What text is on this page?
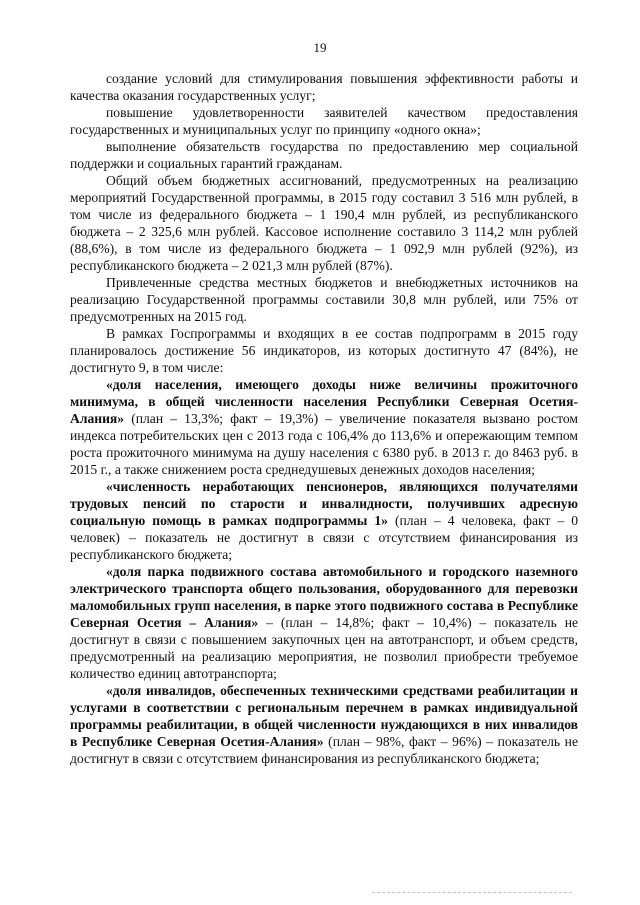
19

создание условий для стимулирования повышения эффективности работы и качества оказания государственных услуг;

повышение удовлетворенности заявителей качеством предоставления государственных и муниципальных услуг по принципу «одного окна»;

выполнение обязательств государства по предоставлению мер социальной поддержки и социальных гарантий гражданам.

Общий объем бюджетных ассигнований, предусмотренных на реализацию мероприятий Государственной программы, в 2015 году составил 3 516 млн рублей, в том числе из федерального бюджета – 1 190,4 млн рублей, из республиканского бюджета – 2 325,6 млн рублей. Кассовое исполнение составило 3 114,2 млн рублей (88,6%), в том числе из федерального бюджета – 1 092,9 млн рублей (92%), из республиканского бюджета – 2 021,3 млн рублей (87%).

Привлеченные средства местных бюджетов и внебюджетных источников на реализацию Государственной программы составили 30,8 млн рублей, или 75% от предусмотренных на 2015 год.

В рамках Госпрограммы и входящих в ее состав подпрограмм в 2015 году планировалось достижение 56 индикаторов, из которых достигнуто 47 (84%), не достигнуто 9, в том числе:

«доля населения, имеющего доходы ниже величины прожиточного минимума, в общей численности населения Республики Северная Осетия-Алания» (план – 13,3%; факт – 19,3%) – увеличение показателя вызвано ростом индекса потребительских цен с 2013 года с 106,4% до 113,6% и опережающим темпом роста прожиточного минимума на душу населения с 6380 руб. в 2013 г. до 8463 руб. в 2015 г., а также снижением роста среднедушевых денежных доходов населения;

«численность неработающих пенсионеров, являющихся получателями трудовых пенсий по старости и инвалидности, получивших адресную социальную помощь в рамках подпрограммы 1» (план – 4 человека, факт – 0 человек) – показатель не достигнут в связи с отсутствием финансирования из республиканского бюджета;

«доля парка подвижного состава автомобильного и городского наземного электрического транспорта общего пользования, оборудованного для перевозки маломобильных групп населения, в парке этого подвижного состава в Республике Северная Осетия – Алания» – (план – 14,8%; факт – 10,4%) – показатель не достигнут в связи с повышением закупочных цен на автотранспорт, и объем средств, предусмотренный на реализацию мероприятия, не позволил приобрести требуемое количество единиц автотранспорта;

«доля инвалидов, обеспеченных техническими средствами реабилитации и услугами в соответствии с региональным перечнем в рамках индивидуальной программы реабилитации, в общей численности нуждающихся в них инвалидов в Республике Северная Осетия-Алания» (план – 98%, факт – 96%) – показатель не достигнут в связи с отсутствием финансирования из республиканского бюджета;
